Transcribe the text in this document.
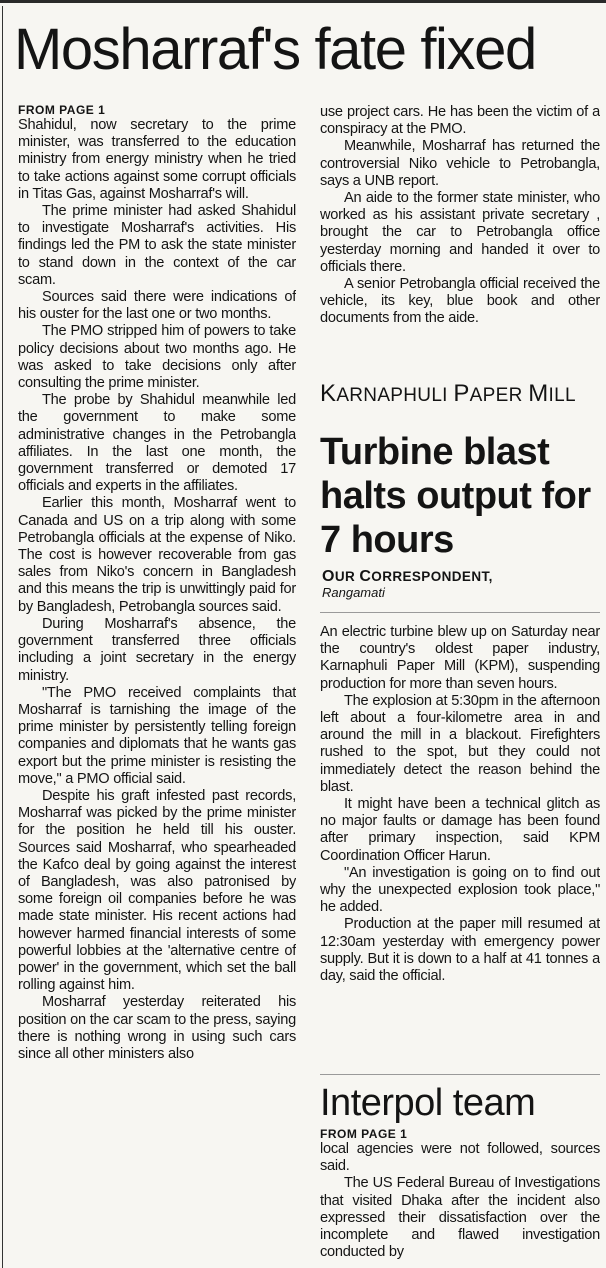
Mosharraf's fate fixed

FROM PAGE 1

Shahidul, now secretary to the prime minister, was transferred to the education ministry from energy ministry when he tried to take actions against some corrupt officials in Titas Gas, against Mosharraf's will.

The prime minister had asked Shahidul to investigate Mosharraf's activities. His findings led the PM to ask the state minister to stand down in the context of the car scam.

Sources said there were indications of his ouster for the last one or two months.

The PMO stripped him of powers to take policy decisions about two months ago. He was asked to take decisions only after consulting the prime minister.

The probe by Shahidul meanwhile led the government to make some administrative changes in the Petrobangla affiliates. In the last one month, the government transferred or demoted 17 officials and experts in the affiliates.

Earlier this month, Mosharraf went to Canada and US on a trip along with some Petrobangla officials at the expense of Niko. The cost is however recoverable from gas sales from Niko's concern in Bangladesh and this means the trip is unwittingly paid for by Bangladesh, Petrobangla sources said.

During Mosharraf's absence, the government transferred three officials including a joint secretary in the energy ministry.

"The PMO received complaints that Mosharraf is tarnishing the image of the prime minister by persistently telling foreign companies and diplomats that he wants gas export but the prime minister is resisting the move," a PMO official said.

Despite his graft infested past records, Mosharraf was picked by the prime minister for the position he held till his ouster. Sources said Mosharraf, who spearheaded the Kafco deal by going against the interest of Bangladesh, was also patronised by some foreign oil companies before he was made state minister. His recent actions had however harmed financial interests of some powerful lobbies at the 'alternative centre of power' in the government, which set the ball rolling against him.

Mosharraf yesterday reiterated his position on the car scam to the press, saying there is nothing wrong in using such cars since all other ministers also

use project cars. He has been the victim of a conspiracy at the PMO.

Meanwhile, Mosharraf has returned the controversial Niko vehicle to Petrobangla, says a UNB report.

An aide to the former state minister, who worked as his assistant private secretary , brought the car to Petrobangla office yesterday morning and handed it over to officials there.

A senior Petrobangla official received the vehicle, its key, blue book and other documents from the aide.

KARNAPHULI PAPER MILL
Turbine blast halts output for 7 hours
OUR CORRESPONDENT,
Rangamati

An electric turbine blew up on Saturday near the country's oldest paper industry, Karnaphuli Paper Mill (KPM), suspending production for more than seven hours.

The explosion at 5:30pm in the afternoon left about a four-kilometre area in and around the mill in a blackout. Firefighters rushed to the spot, but they could not immediately detect the reason behind the blast.

It might have been a technical glitch as no major faults or damage has been found after primary inspection, said KPM Coordination Officer Harun.

"An investigation is going on to find out why the unexpected explosion took place," he added.

Production at the paper mill resumed at 12:30am yesterday with emergency power supply. But it is down to a half at 41 tonnes a day, said the official.

Interpol team

FROM PAGE 1

local agencies were not followed, sources said.

The US Federal Bureau of Investigations that visited Dhaka after the incident also expressed their dissatisfaction over the incomplete and flawed investigation conducted by
